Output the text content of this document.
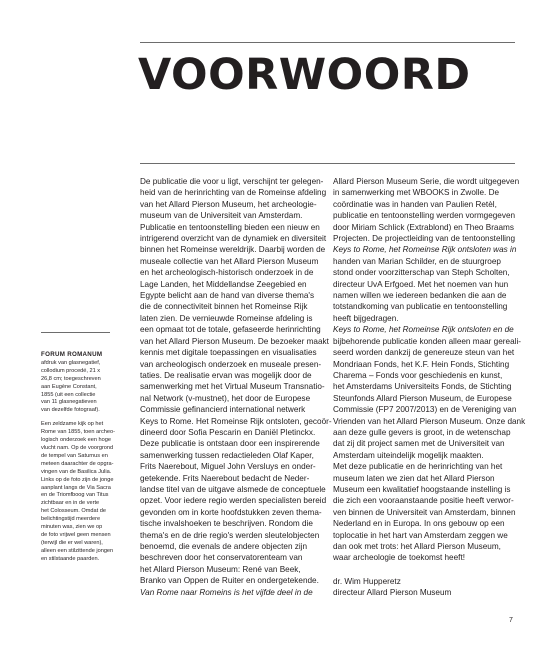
VOORWOORD
De publicatie die voor u ligt, verschijnt ter gelegen-
heid van de herinrichting van de Romeinse afdeling
van het Allard Pierson Museum, het archeologie-
museum van de Universiteit van Amsterdam.
Publicatie en tentoonstelling bieden een nieuw en
intrigerend overzicht van de dynamiek en diversiteit
binnen het Romeinse wereldrijk. Daarbij worden de
museale collectie van het Allard Pierson Museum
en het archeologisch-historisch onderzoek in de
Lage Landen, het Middellandse Zeegebied en
Egypte belicht aan de hand van diverse thema's
die de connectiviteit binnen het Romeinse Rijk
laten zien. De vernieuwde Romeinse afdeling is
een opmaat tot de totale, gefaseerde herinrichting
van het Allard Pierson Museum. De bezoeker maakt
kennis met digitale toepassingen en visualisaties
van archeologisch onderzoek en museale presen-
taties. De realisatie ervan was mogelijk door de
samenwerking met het Virtual Museum Transnatio-
nal Network (v-mustnet), het door de Europese
Commissie gefinancierd international netwerk
Keys to Rome. Het Romeinse Rijk ontsloten, gecoör-
dineerd door Sofia Pescarin en Daniël Pletinckx.
Deze publicatie is ontstaan door een inspirerende
samenwerking tussen redactieleden Olaf Kaper,
Frits Naerebout, Miguel John Versluys en onder-
getekende. Frits Naerebout bedacht de Neder-
landse titel van de uitgave alsmede de conceptuele
opzet. Voor iedere regio werden specialisten bereid
gevonden om in korte hoofdstukken zeven thema-
tische invalshoeken te beschrijven. Rondom die
thema's en de drie regio's werden sleutelobjecten
benoemd, die evenals de andere objecten zijn
beschreven door het conservatorenteam van
het Allard Pierson Museum: René van Beek,
Branko van Oppen de Ruiter en ondergetekende.
Van Rome naar Romeins is het vijfde deel in de
Allard Pierson Museum Serie, die wordt uitgegeven
in samenwerking met WBOOKS in Zwolle. De
coördinatie was in handen van Paulien Retèl,
publicatie en tentoonstelling werden vormgegeven
door Miriam Schlick (Extrablond) en Theo Braams
Projecten. De projectleiding van de tentoonstelling
Keys to Rome, het Romeinse Rijk ontsloten was in
handen van Marian Schilder, en de stuurgroep
stond onder voorzitterschap van Steph Scholten,
directeur UvA Erfgoed. Met het noemen van hun
namen willen we iedereen bedanken die aan de
totstandkoming van publicatie en tentoonstelling
heeft bijgedragen.
Keys to Rome, het Romeinse Rijk ontsloten en de
bijbehorende publicatie konden alleen maar gereali-
seerd worden dankzij de genereuze steun van het
Mondriaan Fonds, het K.F. Hein Fonds, Stichting
Charema – Fonds voor geschiedenis en kunst,
het Amsterdams Universiteits Fonds, de Stichting
Steunfonds Allard Pierson Museum, de Europese
Commissie (FP7 2007/2013) en de Vereniging van
Vrienden van het Allard Pierson Museum. Onze dank
aan deze gulle gevers is groot, in de wetenschap
dat zij dit project samen met de Universiteit van
Amsterdam uiteindelijk mogelijk maakten.
Met deze publicatie en de herinrichting van het
museum laten we zien dat het Allard Pierson
Museum een kwalitatief hoogstaande instelling is
die zich een vooraanstaande positie heeft verwor-
ven binnen de Universiteit van Amsterdam, binnen
Nederland en in Europa. In ons gebouw op een
toplocatie in het hart van Amsterdam zeggen we
dan ook met trots: het Allard Pierson Museum,
waar archeologie de toekomst heeft!
dr. Wim Hupperetz
directeur Allard Pierson Museum
FORUM ROMANUM
afdruk van glasnegatief,
collodium procedé, 21 x
26,8 cm; toegeschreven
aan Eugène Constant,
1855 (uit een collectie
van 11 glasnegatieven
van dezelfde fotograaf).
Een zeldzame kijk op het
Rome van 1855, toen archeo-
logisch onderzoek een hoge
vlucht nam. Op de voorgrond
de tempel van Saturnus en
meteen daarachter de opgra-
vingen van de Basilica Julia.
Links op de foto zijn de jonge
aanplant langs de Via Sacra
en de Triomfboog van Titus
zichtbaar en in de verte
het Colosseum. Omdat de
belichtingstijd meerdere
minuten was, zien we op
de foto vrijwel geen mensen
(terwijl die er wel waren),
alleen een stilzittende jongen
en stilstaande paarden.
7
